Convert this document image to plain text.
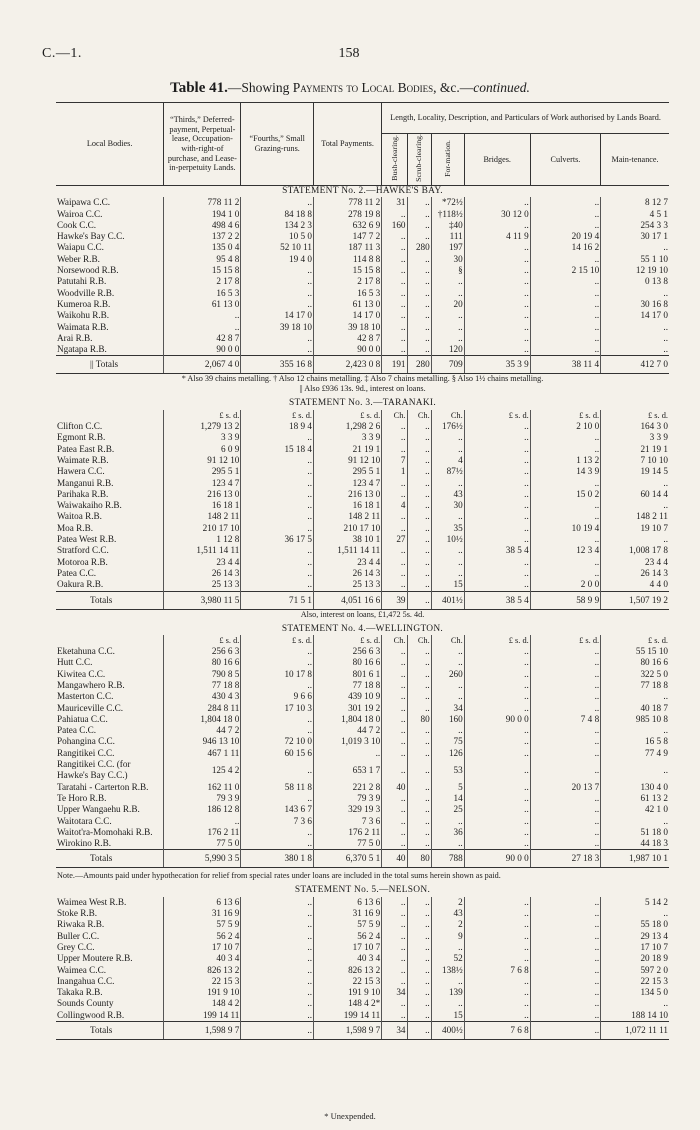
C.—1.	158
Table 41.—Showing Payments to Local Bodies, &c.—continued.
Local Bodies.	“Thirds,” Deferred-payment, Perpetual-lease, Occupation-with-right-of purchase, and Lease-in-perpetuity Lands.	“Fourths,” Small Grazing-runs.	Total Payments.	Length, Locality, Description, and Particulars of Work authorised by Lands Board.					
				Bush-clearing.	Scrub-clearing.	For-mation.	Bridges.	Culverts.	Main-tenance.
STATEMENT No. 2.—HAWKE'S BAY.									
Waipawa C.C.	778 11 2	..	778 11 2	31	..	*72½	..	..	8 12 7
Wairoa C.C.	194 1 0	84 18 8	278 19 8	..	..	†118½	30 12 0	..	4 5 1
Cook C.C.	498 4 6	134 2 3	632 6 9	160	..	‡40	..	..	254 3 3
Hawke's Bay C.C.	137 2 2	10 5 0	147 7 2	..	..	111	4 11 9	20 19 4	30 17 1
Waiapu C.C.	135 0 4	52 10 11	187 11 3	..	280	197	..	14 16 2	..
Weber R.B.	95 4 8	19 4 0	114 8 8	..	..	30	..	..	55 1 10
Norsewood R.B.	15 15 8	..	15 15 8	..	..	§	..	2 15 10	12 19 10
Patutahi R.B.	2 17 8	..	2 17 8	..	..	..	..	..	0 13 8
Woodville R.B.	16 5 3	..	16 5 3	..	..	..	..	..	..
Kumeroa R.B.	61 13 0	..	61 13 0	..	..	20	..	..	30 16 8
Waikohu R.B.	..	14 17 0	14 17 0	..	..	..	..	..	14 17 0
Waimata R.B.	..	39 18 10	39 18 10	..	..	..	..	..	..
Arai R.B.	42 8 7	..	42 8 7	..	..	..	..	..	..
Ngatapa R.B.	90 0 0	..	90 0 0	..	..	120	..	..	..
|| Totals	2,067 4 0	355 16 8	2,423 0 8	191	280	709	35 3 9	38 11 4	412 7 0
* Also 39 chains metalling. † Also 12 chains metalling. ‡ Also 7 chains metalling. § Also 1½ chains metalling.									
|| Also £936 13s. 9d., interest on loans.									

STATEMENT No. 3.—TARANAKI.									
	£ s. d.	£ s. d.	£ s. d.	Ch.	Ch.	Ch.	£ s. d.	£ s. d.	£ s. d.
Clifton C.C.	1,279 13 2	18 9 4	1,298 2 6	..	..	176½	..	2 10 0	164 3 0
Egmont R.B.	3 3 9	..	3 3 9	..	..	..	..	..	3 3 9
Patea East R.B.	6 0 9	15 18 4	21 19 1	..	..	..	..	..	21 19 1
Waimate R.B.	91 12 10	..	91 12 10	7	..	4	..	1 13 2	7 10 10
Hawera C.C.	295 5 1	..	295 5 1	1	..	87½	..	14 3 9	19 14 5
Manganui R.B.	123 4 7	..	123 4 7	..	..	..	..	..	..
Parihaka R.B.	216 13 0	..	216 13 0	..	..	43	..	15 0 2	60 14 4
Waiwakaiho R.B.	16 18 1	..	16 18 1	4	..	30	..	..	..
Waitoa R.B.	148 2 11	..	148 2 11	..	..	..	..	..	148 2 11
Moa R.B.	210 17 10	..	210 17 10	..	..	35	..	10 19 4	19 10 7
Patea West R.B.	1 12 8	36 17 5	38 10 1	27	..	10½	..	..	..
Stratford C.C.	1,511 14 11	..	1,511 14 11	..	..	..	38 5 4	12 3 4	1,008 17 8
Motoroa R.B.	23 4 4	..	23 4 4	..	..	..	..	..	23 4 4
Patea C.C.	26 14 3	..	26 14 3	..	..	..	..	..	26 14 3
Oakura R.B.	25 13 3	..	25 13 3	..	..	15	..	2 0 0	4 4 0
Totals	3,980 11 5	71 5 1	4,051 16 6	39	..	401½	38 5 4	58 9 9	1,507 19 2
Also, interest on loans, £1,472 5s. 4d.									

STATEMENT No. 4.—WELLINGTON.									
	£ s. d.	£ s. d.	£ s. d.	Ch.	Ch.	Ch.	£ s. d.	£ s. d.	£ s. d.
Eketahuna C.C.	256 6 3	..	256 6 3	..	..	..	..	..	55 15 10
Hutt C.C.	80 16 6	..	80 16 6	..	..	..	..	..	80 16 6
Kiwitea C.C.	790 8 5	10 17 8	801 6 1	..	..	260	..	..	322 5 0
Mangawhero R.B.	77 18 8	..	77 18 8	..	..	..	..	..	77 18 8
Masterton C.C.	430 4 3	9 6 6	439 10 9	..	..	..	..	..	..
Mauriceville C.C.	284 8 11	17 10 3	301 19 2	..	..	34	..	..	40 18 7
Pahiatua C.C.	1,804 18 0	..	1,804 18 0	..	80	160	90 0 0	7 4 8	985 10 8
Patea C.C.	44 7 2	..	44 7 2	..	..	..	..	..	..
Pohangina C.C.	946 13 10	72 10 0	1,019 3 10	..	..	75	..	..	16 5 8
Rangitikei C.C.	467 1 11	60 15 6	..	..	..	126	..	..	77 4 9
Rangitikei C.C. (for Hawke's Bay C.C.)	125 4 2	..	653 1 7	..	..	53	..	..	..
Taratahi - Carterton R.B.	162 11 0	58 11 8	221 2 8	40	..	5	..	20 13 7	130 4 0
Te Horo R.B.	79 3 9	..	79 3 9	..	..	14	..	..	61 13 2
Upper Wangaehu R.B.	186 12 8	143 6 7	329 19 3	..	..	25	..	..	42 1 0
Waitotara C.C.	..	7 3 6	7 3 6	..	..	..	..	..	..
Waitot'ra-Momohaki R.B.	176 2 11	..	176 2 11	..	..	36	..	..	51 18 0
Wirokino R.B.	77 5 0	..	77 5 0	..	..	..	..	..	44 18 3
Totals	5,990 3 5	380 1 8	6,370 5 1	40	80	788	90 0 0	27 18 3	1,987 10 1
Note.—Amounts paid under hypothecation for relief from special rates under loans are included in the total sums herein shown as paid.									

STATEMENT No. 5.—NELSON.									
Waimea West R.B.	6 13 6	..	6 13 6	..	..	2	..	..	5 14 2
Stoke R.B.	31 16 9	..	31 16 9	..	..	43	..	..	..
Riwaka R.B.	57 5 9	..	57 5 9	..	..	2	..	..	55 18 0
Buller C.C.	56 2 4	..	56 2 4	..	..	9	..	..	29 13 4
Grey C.C.	17 10 7	..	17 10 7	..	..	..	..	..	17 10 7
Upper Moutere R.B.	40 3 4	..	40 3 4	..	..	52	..	..	20 18 9
Waimea C.C.	826 13 2	..	826 13 2	..	..	138½	7 6 8	..	597 2 0
Inangahua C.C.	22 15 3	..	22 15 3	..	..	..	..	..	22 15 3
Takaka R.B.	191 9 10	..	191 9 10	34	..	139	..	..	134 5 0
Sounds County	148 4 2	..	148 4 2*	..	..	..	..	..	..
Collingwood R.B.	199 14 11	..	199 14 11	..	..	15	..	..	188 14 10
Totals	1,598 9 7	..	1,598 9 7	34	..	400½	7 6 8	..	1,072 11 11
* Unexpended.
